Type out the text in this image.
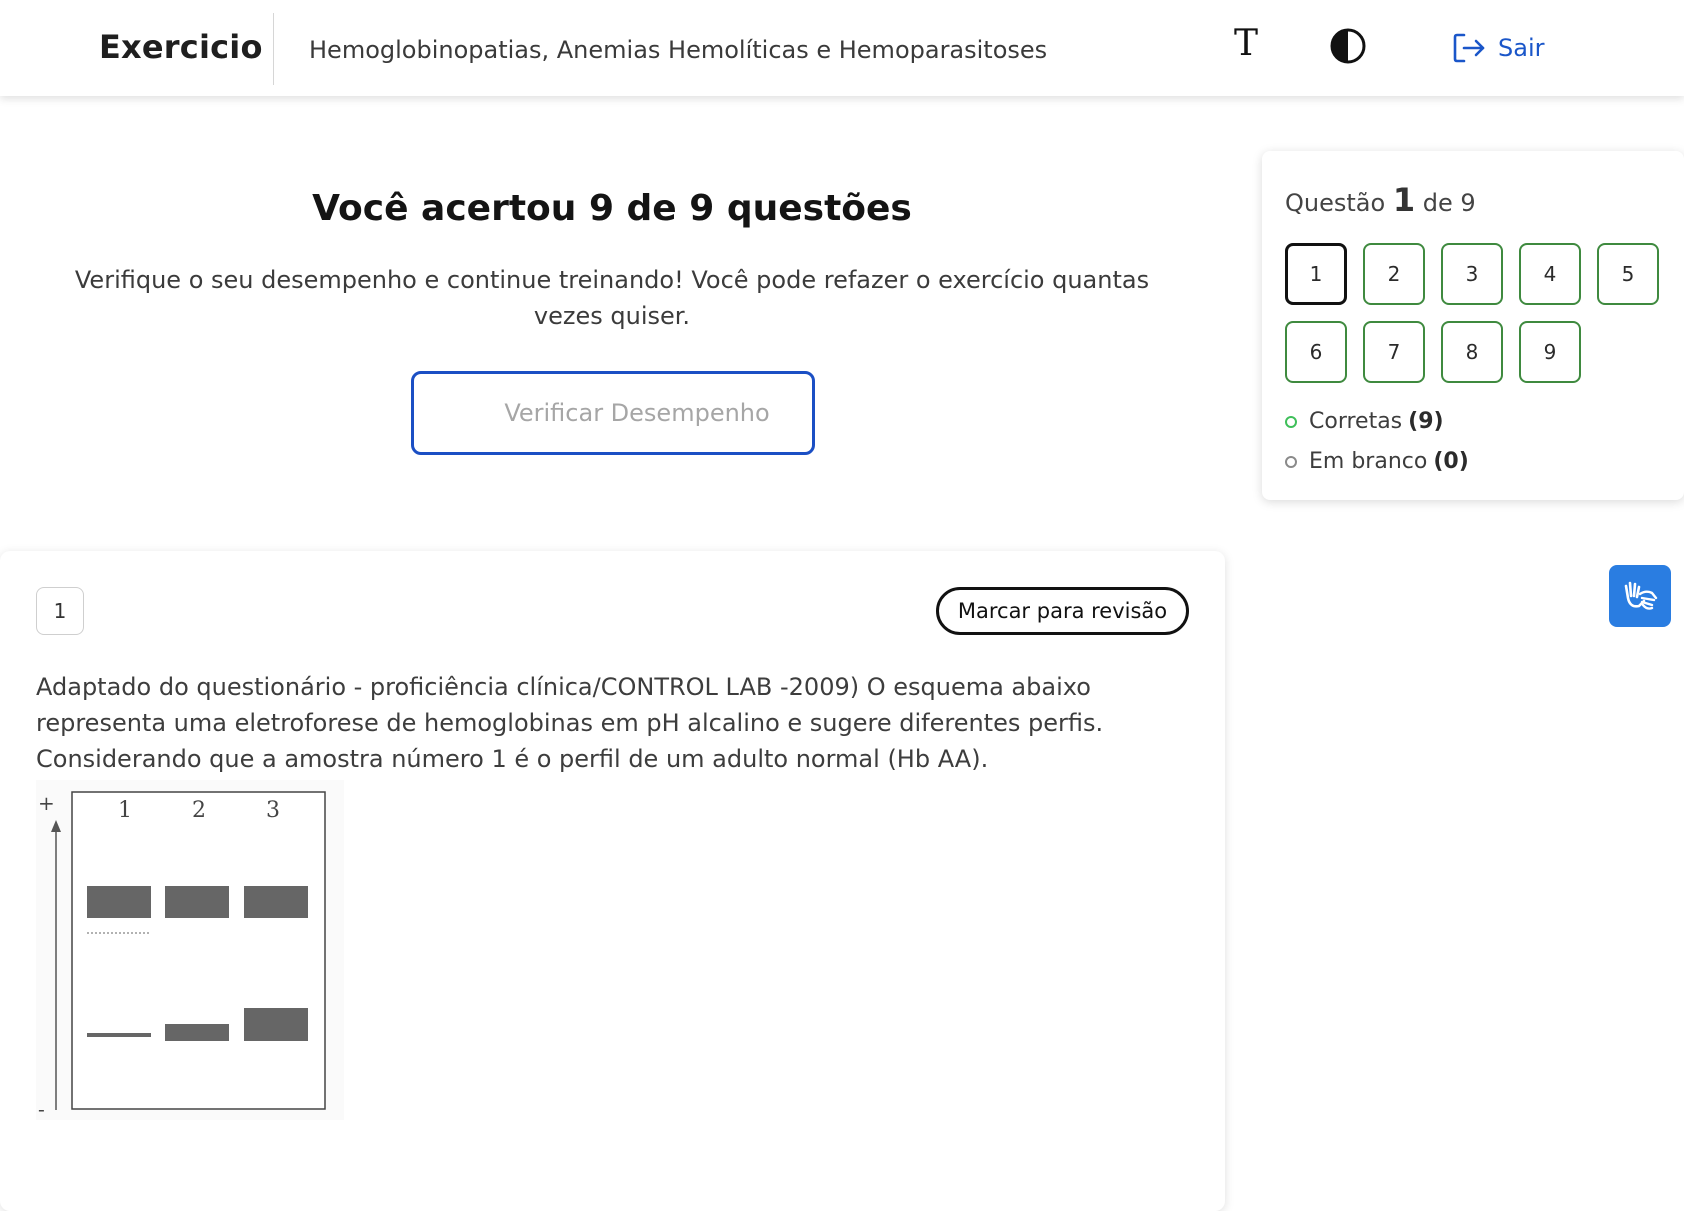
Exercicio Hemoglobinopatias, Anemias Hemolíticas e Hemoparasitoses	T	Sair
Você acertou 9 de 9 questões
Verifique o seu desempenho e continue treinando! Você pode refazer o exercício quantas vezes quiser.
Verificar Desempenho
Questão 1 de 9
1	2	3	4	5
6	7	8	9
Corretas (9)
Em branco (0)
1	Marcar para revisão
Adaptado do questionário - proficiência clínica/CONTROL LAB -2009) O esquema abaixo representa uma eletroforese de hemoglobinas em pH alcalino e sugere diferentes perfis. Considerando que a amostra número 1 é o perfil de um adulto normal (Hb AA).
+
-
1	2	3
